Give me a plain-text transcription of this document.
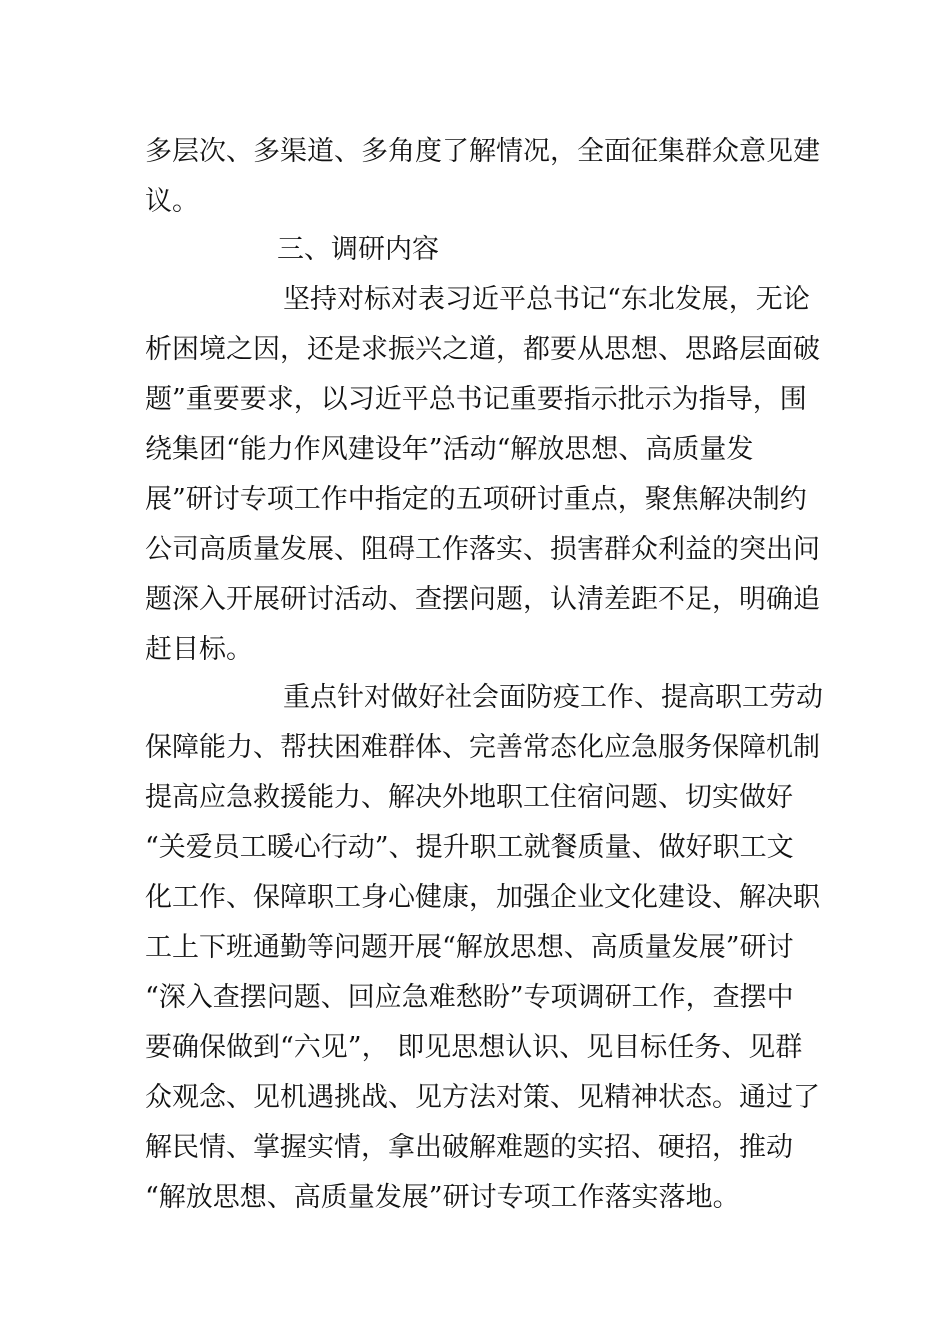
多层次、多渠道、多角度了解情况，全面征集群众意见建

议。

三、调研内容

坚持对标对表习近平总书记“东北发展，无论

析困境之因，还是求振兴之道，都要从思想、思路层面破

题”重要要求，以习近平总书记重要指示批示为指导，围

绕集团“能力作风建设年”活动“解放思想、高质量发

展”研讨专项工作中指定的五项研讨重点，聚焦解决制约

公司高质量发展、阻碍工作落实、损害群众利益的突出问

题深入开展研讨活动、查摆问题，认清差距不足，明确追

赶目标。

重点针对做好社会面防疫工作、提高职工劳动

保障能力、帮扶困难群体、完善常态化应急服务保障机制

提高应急救援能力、解决外地职工住宿问题、切实做好

“关爱员工暖心行动”、提升职工就餐质量、做好职工文

化工作、保障职工身心健康，加强企业文化建设、解决职

工上下班通勤等问题开展“解放思想、高质量发展”研讨

“深入查摆问题、回应急难愁盼”专项调研工作，查摆中

要确保做到“六见”， 即见思想认识、见目标任务、见群

众观念、见机遇挑战、见方法对策、见精神状态。通过了

解民情、掌握实情，拿出破解难题的实招、硬招，推动

“解放思想、高质量发展”研讨专项工作落实落地。
